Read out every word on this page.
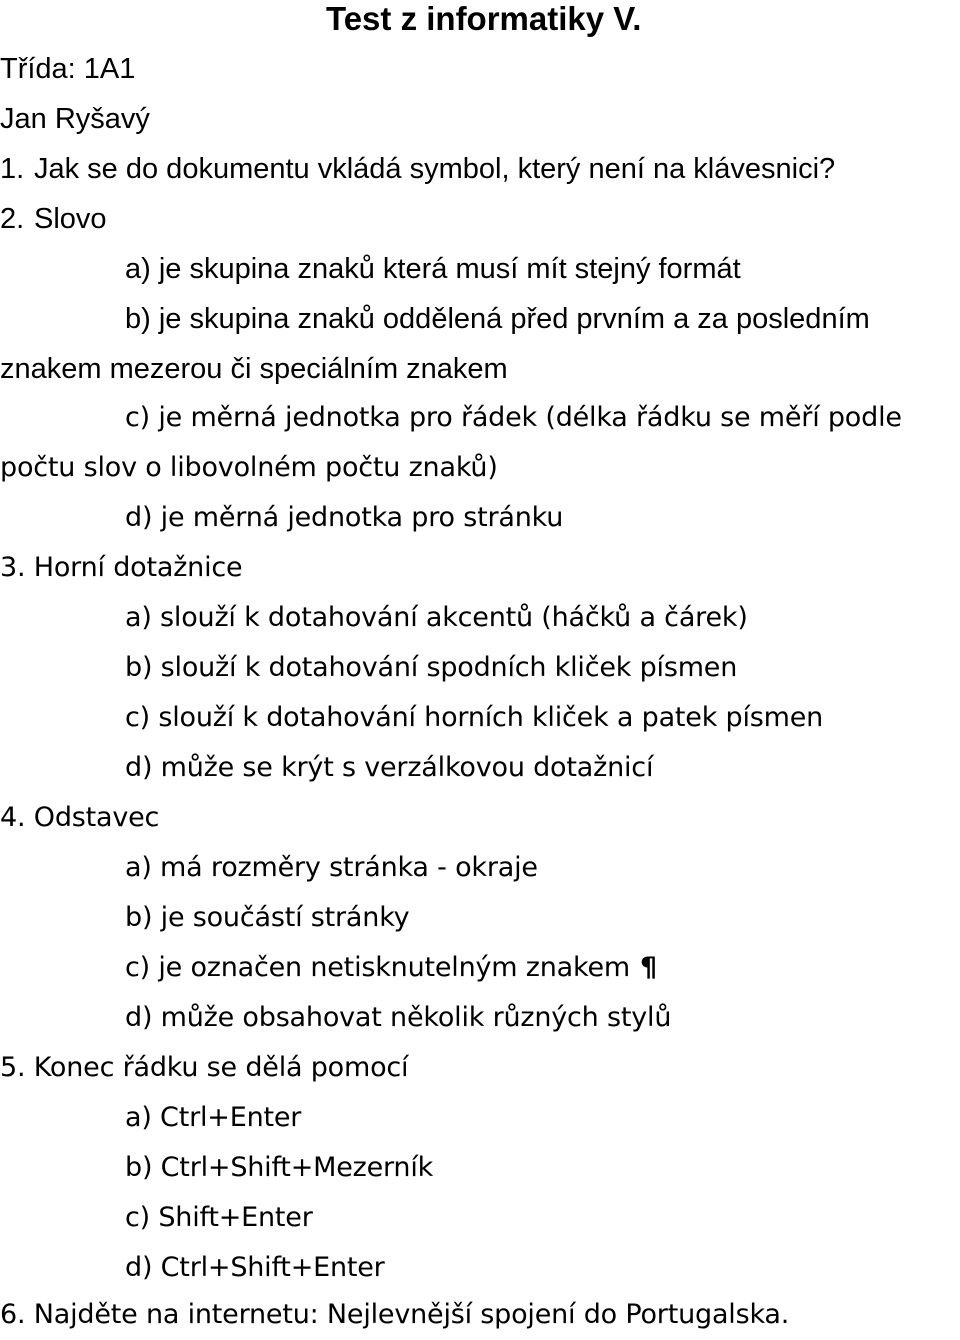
Test z informatiky V.
Třída: 1A1
Jan Ryšavý
1. Jak se do dokumentu vkládá symbol, který není na klávesnici?
2. Slovo
a) je skupina znaků která musí mít stejný formát
b) je skupina znaků oddělená před prvním a za posledním
znakem mezerou či speciálním znakem
c) je měrná jednotka pro řádek (délka řádku se měří podle
počtu slov o libovolném počtu znaků)
d) je měrná jednotka pro stránku
3. Horní dotažnice
a) slouží k dotahování akcentů (háčků a čárek)
b) slouží k dotahování spodních kliček písmen
c) slouží k dotahování horních kliček a patek písmen
d) může se krýt s verzálkovou dotažnicí
4. Odstavec
a) má rozměry stránka - okraje
b) je součástí stránky
c) je označen netisknutelným znakem ¶
d) může obsahovat několik různých stylů
5. Konec řádku se dělá pomocí
a) Ctrl+Enter
b) Ctrl+Shift+Mezerník
c) Shift+Enter
d) Ctrl+Shift+Enter
6. Najděte na internetu: Nejlevnější spojení do Portugalska.
